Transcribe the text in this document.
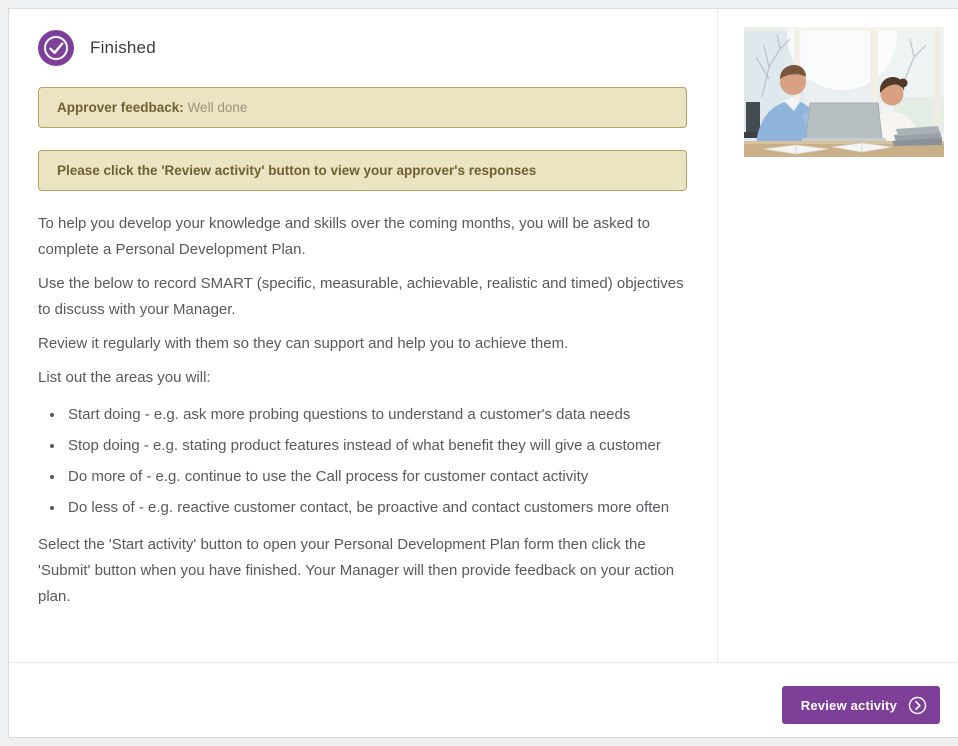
Finished
Approver feedback: Well done
Please click the 'Review activity' button to view your approver's responses

To help you develop your knowledge and skills over the coming months, you will be asked to complete a Personal Development Plan.

Use the below to record SMART (specific, measurable, achievable, realistic and timed) objectives to discuss with your Manager.

Review it regularly with them so they can support and help you to achieve them.

List out the areas you will:

• Start doing - e.g. ask more probing questions to understand a customer's data needs
• Stop doing - e.g. stating product features instead of what benefit they will give a customer
• Do more of - e.g. continue to use the Call process for customer contact activity
• Do less of - e.g. reactive customer contact, be proactive and contact customers more often

Select the 'Start activity' button to open your Personal Development Plan form then click the 'Submit' button when you have finished. Your Manager will then provide feedback on your action plan.

Review activity
